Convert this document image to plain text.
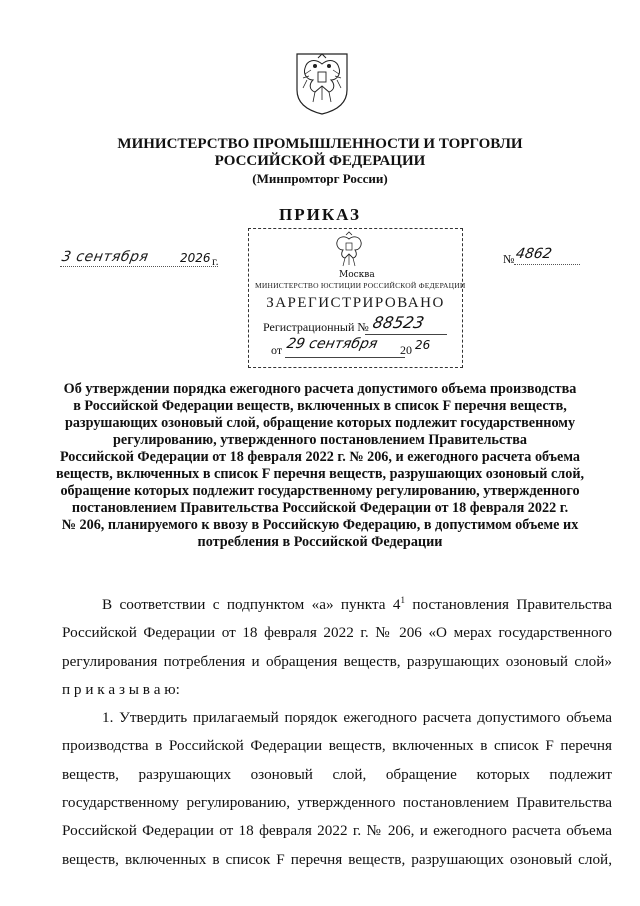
МИНИСТЕРСТВО ПРОМЫШЛЕННОСТИ И ТОРГОВЛИ
РОССИЙСКОЙ ФЕДЕРАЦИИ
(Минпромторг России)
ПРИКАЗ
3 сентября	2026 г.	№ 4862
Москва
МИНИСТЕРСТВО ЮСТИЦИИ РОССИЙСКОЙ ФЕДЕРАЦИИ
ЗАРЕГИСТРИРОВАНО
Регистрационный № 88523
от 29 сентября 20 26
Об утверждении порядка ежегодного расчета допустимого объема производства
в Российской Федерации веществ, включенных в список F перечня веществ,
разрушающих озоновый слой, обращение которых подлежит государственному
регулированию, утвержденного постановлением Правительства
Российской Федерации от 18 февраля 2022 г. № 206, и ежегодного расчета объема
веществ, включенных в список F перечня веществ, разрушающих озоновый слой,
обращение которых подлежит государственному регулированию, утвержденного
постановлением Правительства Российской Федерации от 18 февраля 2022 г.
№ 206, планируемого к ввозу в Российскую Федерацию, в допустимом объеме их
потребления в Российской Федерации
В соответствии с подпунктом «а» пункта $4^1$ постановления Правительства
Российской Федерации от 18 февраля 2022 г. № 206 «О мерах государственного
регулирования потребления и обращения веществ, разрушающих озоновый слой»
п р и к а з ы в а ю:
1. Утвердить прилагаемый порядок ежегодного расчета допустимого объема
производства в Российской Федерации веществ, включенных в список F перечня
веществ, разрушающих озоновый слой, обращение которых подлежит
государственному регулированию, утвержденного постановлением Правительства
Российской Федерации от 18 февраля 2022 г. № 206, и ежегодного расчета объема
веществ, включенных в список F перечня веществ, разрушающих озоновый слой,
